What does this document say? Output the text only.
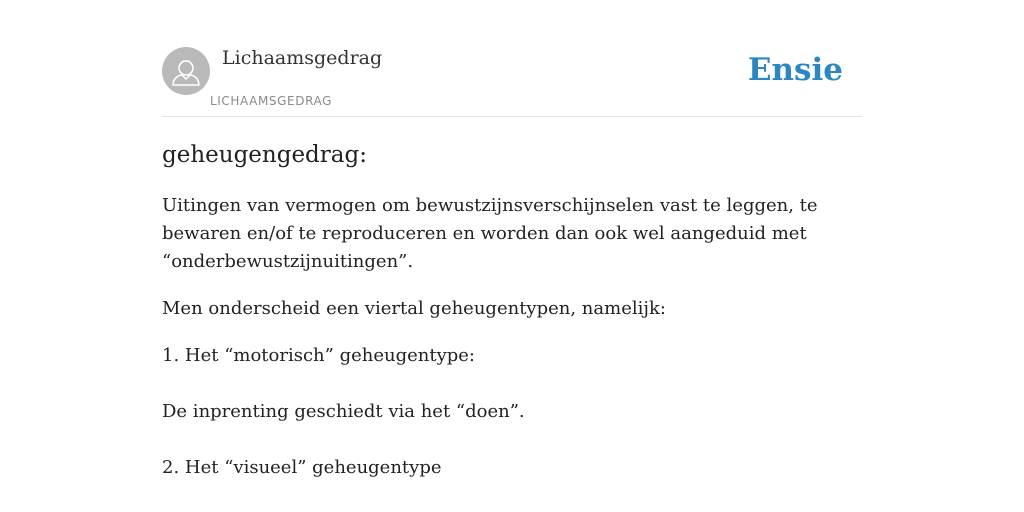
Lichaamsgedrag
LICHAAMSGEDRAG
Ensie
geheugengedrag:

Uitingen van vermogen om bewustzijnsverschijnselen vast te leggen, te bewaren en/of te reproduceren en worden dan ook wel aangeduid met “onderbewustzijnuitingen”.

Men onderscheid een viertal geheugentypen, namelijk:

1. Het “motorisch” geheugentype:
De inprenting geschiedt via het “doen”.
2. Het “visueel” geheugentype
